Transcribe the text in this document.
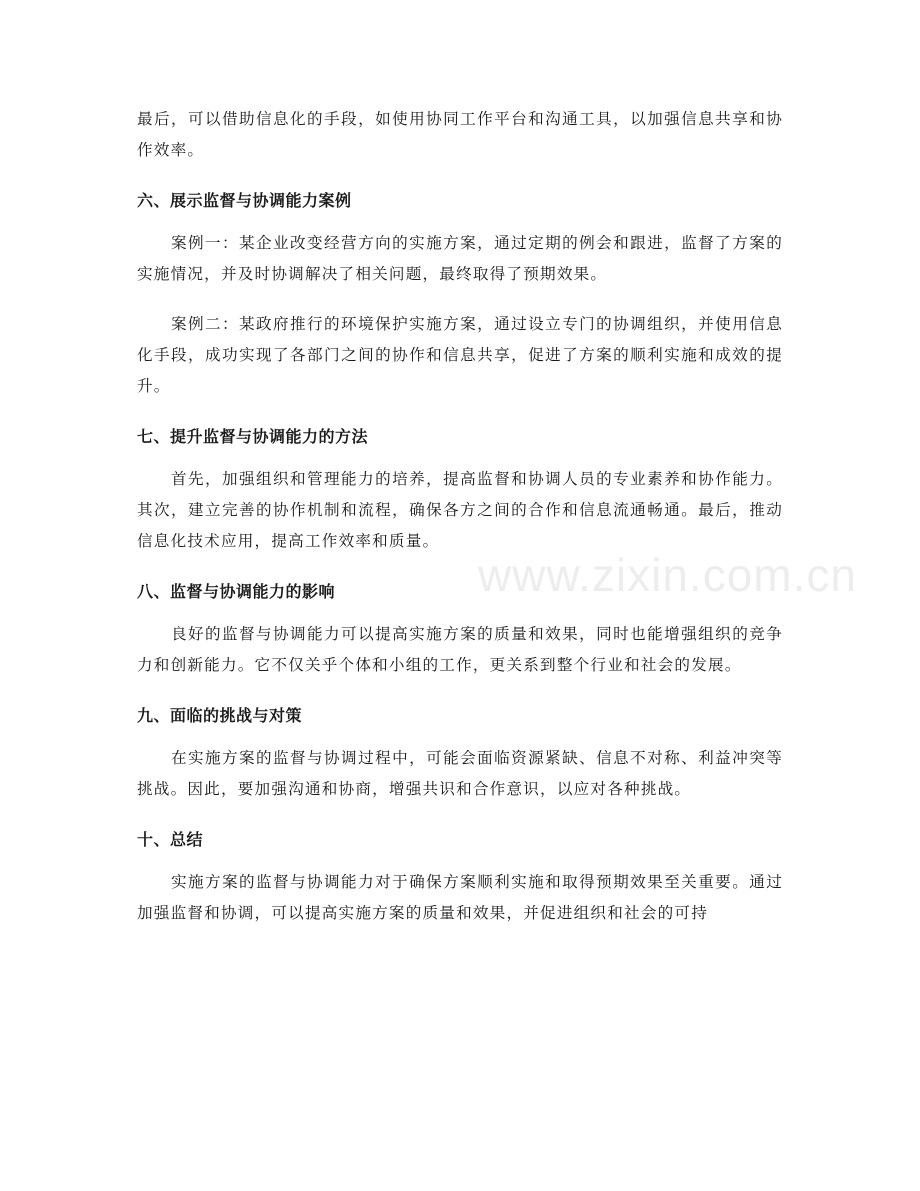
最后，可以借助信息化的手段，如使用协同工作平台和沟通工具，以加强信息共享和协作效率。

六、展示监督与协调能力案例

案例一：某企业改变经营方向的实施方案，通过定期的例会和跟进，监督了方案的实施情况，并及时协调解决了相关问题，最终取得了预期效果。

案例二：某政府推行的环境保护实施方案，通过设立专门的协调组织，并使用信息化手段，成功实现了各部门之间的协作和信息共享，促进了方案的顺利实施和成效的提升。

七、提升监督与协调能力的方法

首先，加强组织和管理能力的培养，提高监督和协调人员的专业素养和协作能力。其次，建立完善的协作机制和流程，确保各方之间的合作和信息流通畅通。最后，推动信息化技术应用，提高工作效率和质量。

八、监督与协调能力的影响

良好的监督与协调能力可以提高实施方案的质量和效果，同时也能增强组织的竞争力和创新能力。它不仅关乎个体和小组的工作，更关系到整个行业和社会的发展。

九、面临的挑战与对策

在实施方案的监督与协调过程中，可能会面临资源紧缺、信息不对称、利益冲突等挑战。因此，要加强沟通和协商，增强共识和合作意识，以应对各种挑战。

十、总结

实施方案的监督与协调能力对于确保方案顺利实施和取得预期效果至关重要。通过加强监督和协调，可以提高实施方案的质量和效果，并促进组织和社会的可持

www.zixin.com.cn
